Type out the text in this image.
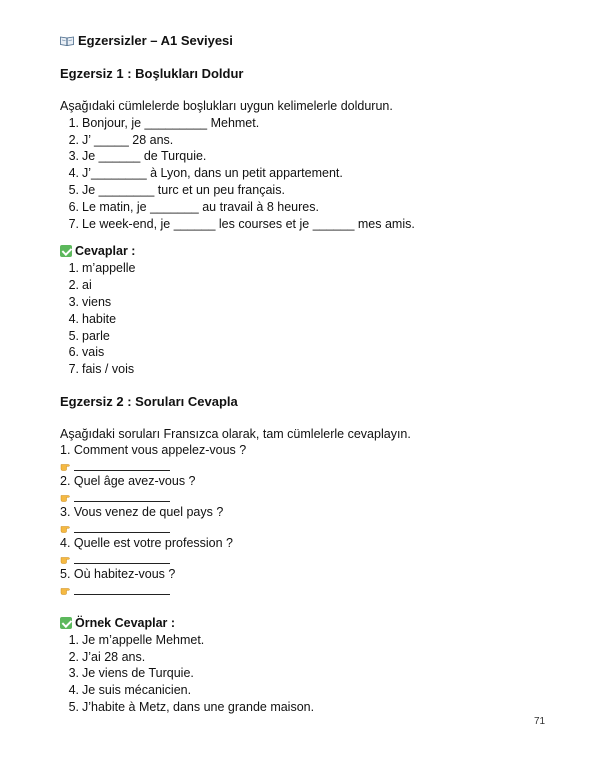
Egzersizler – A1 Seviyesi
Egzersiz 1 : Boşlukları Doldur
Aşağıdaki cümlelerde boşlukları uygun kelimelerle doldurun.
1. Bonjour, je _________ Mehmet.
2. J’ _____ 28 ans.
3. Je ______ de Turquie.
4. J’________ à Lyon, dans un petit appartement.
5. Je ________ turc et un peu français.
6. Le matin, je _______ au travail à 8 heures.
7. Le week-end, je ______ les courses et je ______ mes amis.
Cevaplar :
1. m’appelle
2. ai
3. viens
4. habite
5. parle
6. vais
7. fais / vois
Egzersiz 2 : Soruları Cevapla
Aşağıdaki soruları Fransızca olarak, tam cümlelerle cevaplayın.
1. Comment vous appelez-vous ?
2. Quel âge avez-vous ?
3. Vous venez de quel pays ?
4. Quelle est votre profession ?
5. Où habitez-vous ?
Örnek Cevaplar :
1. Je m’appelle Mehmet.
2. J’ai 28 ans.
3. Je viens de Turquie.
4. Je suis mécanicien.
5. J’habite à Metz, dans une grande maison.
71
